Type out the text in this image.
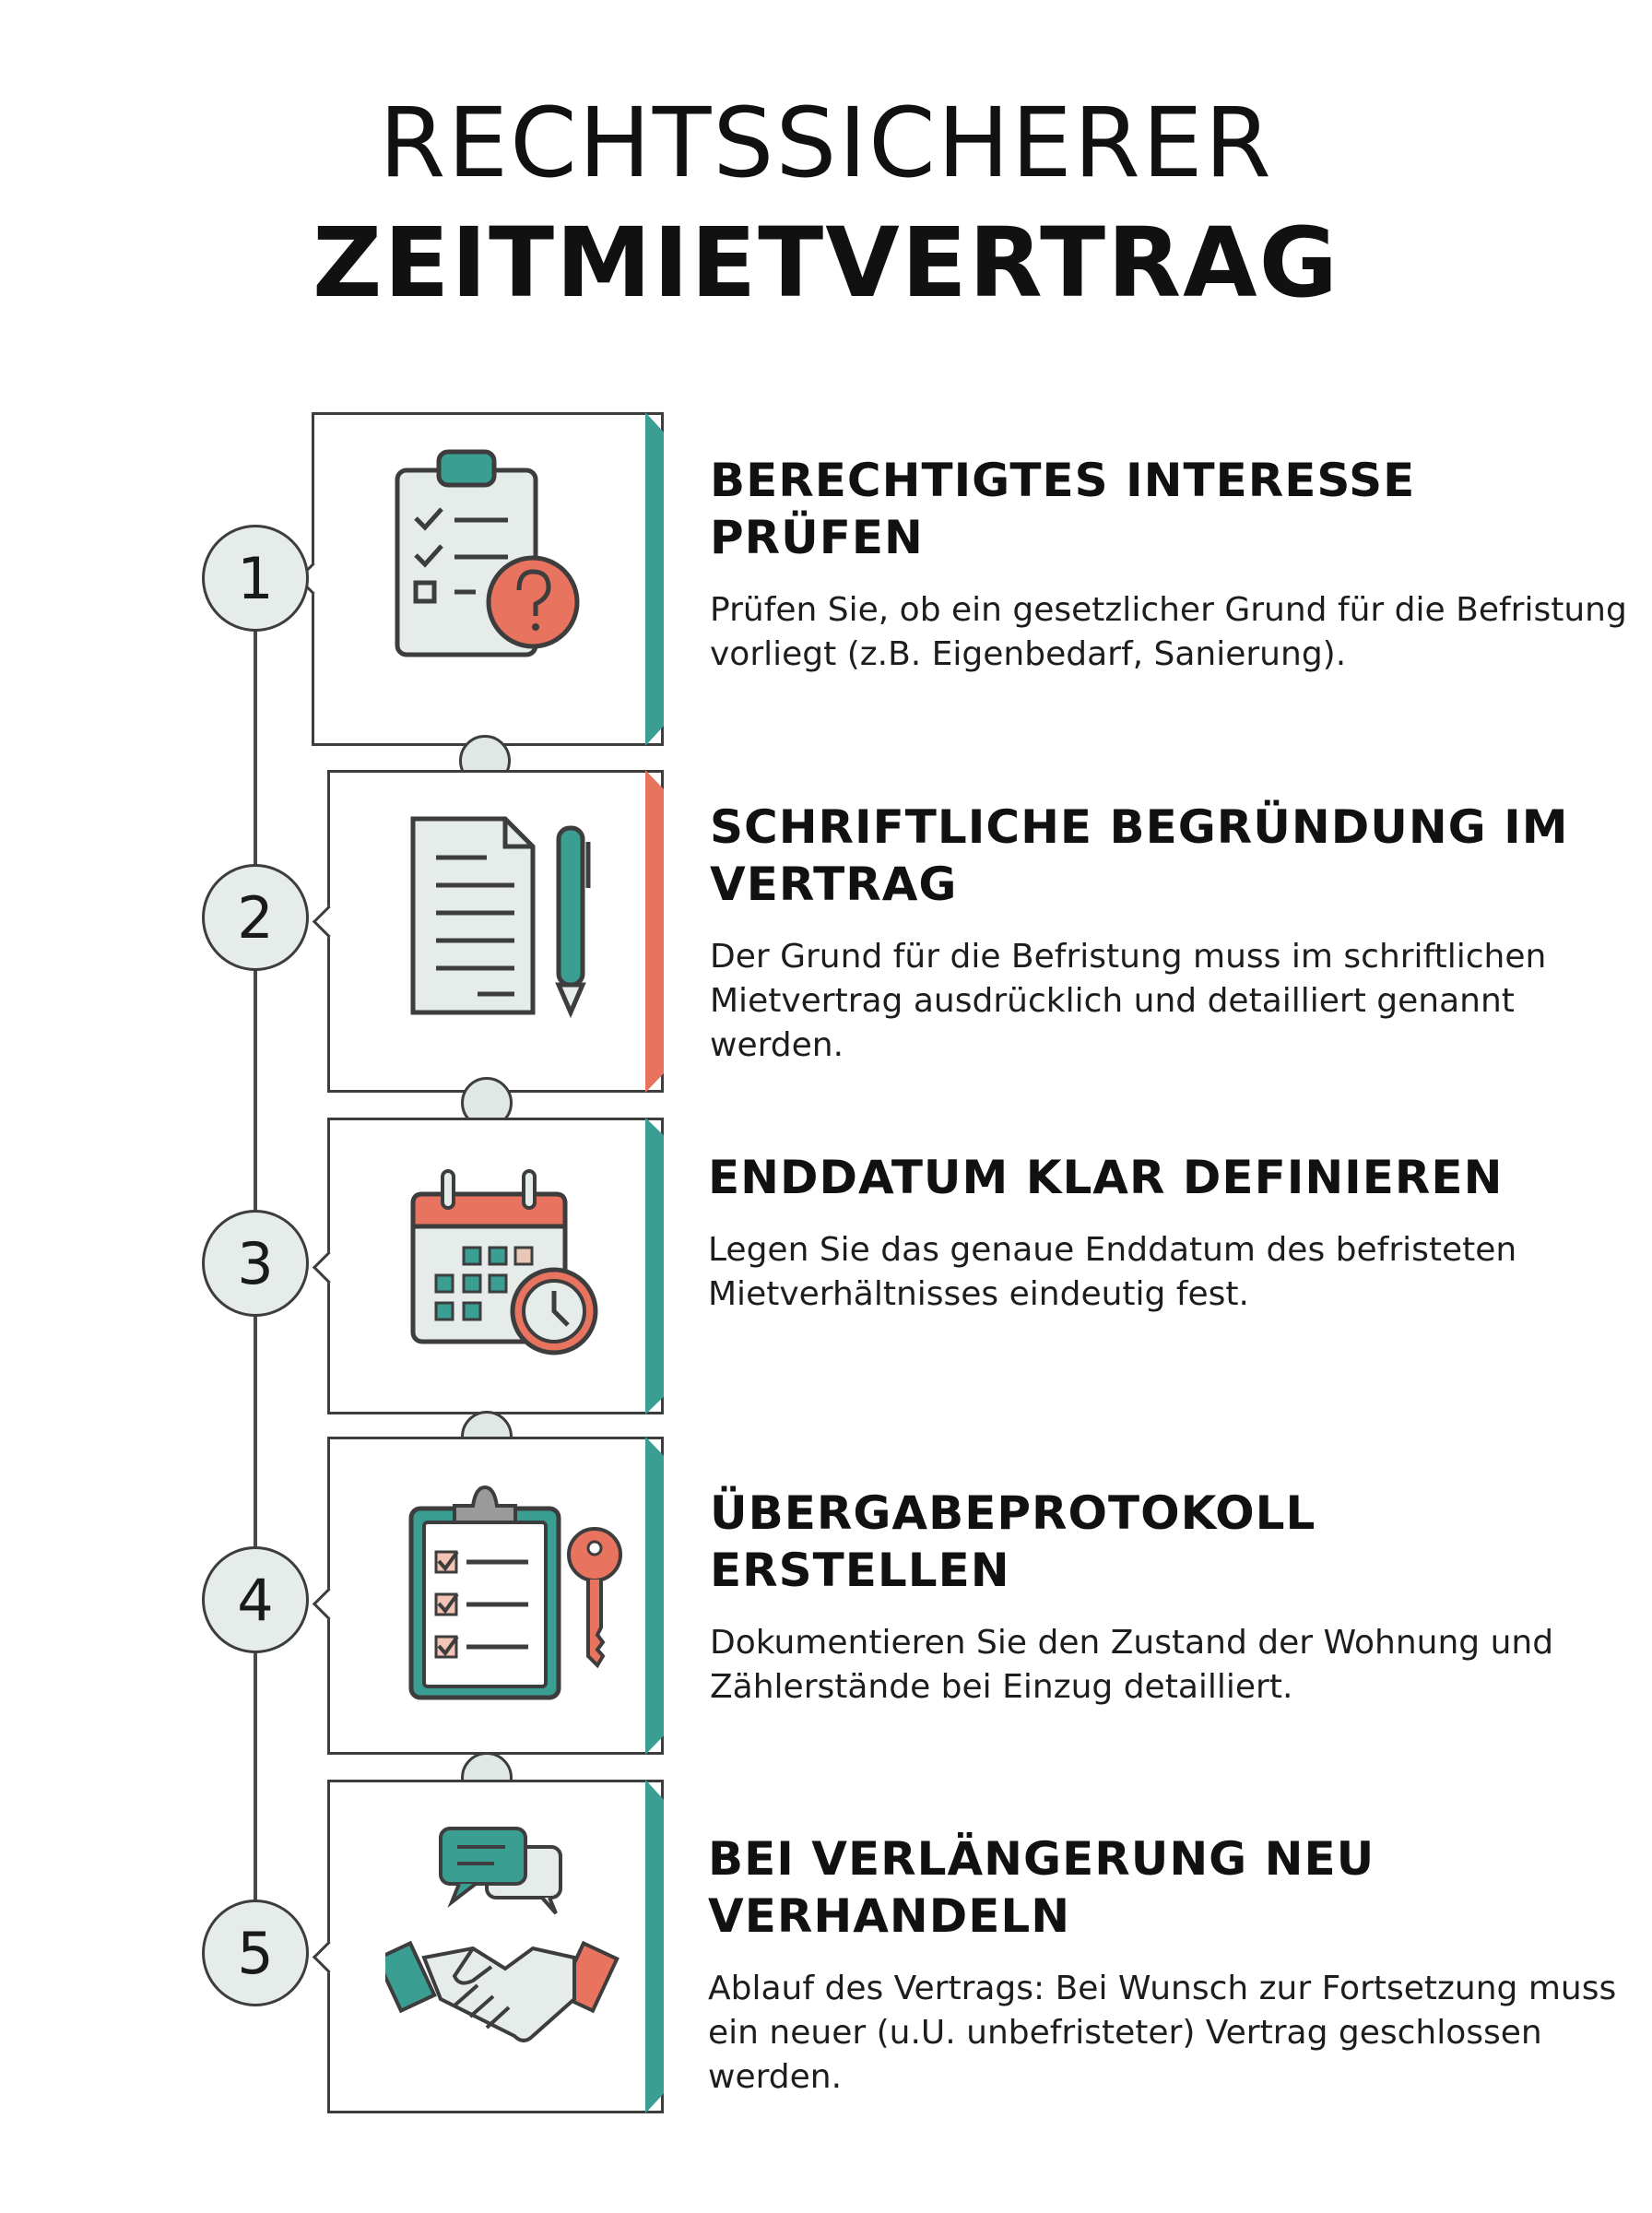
RECHTSSICHERER
ZEITMIETVERTRAG
1
BERECHTIGTES INTERESSE PRÜFEN
Prüfen Sie, ob ein gesetzlicher Grund für die Befristung vorliegt (z.B. Eigenbedarf, Sanierung).
2
SCHRIFTLICHE BEGRÜNDUNG IM VERTRAG
Der Grund für die Befristung muss im schriftlichen Mietvertrag ausdrücklich und detailliert genannt werden.
3
ENDDATUM KLAR DEFINIEREN
Legen Sie das genaue Enddatum des befristeten Mietverhältnisses eindeutig fest.
4
ÜBERGABEPROTOKOLL ERSTELLEN
Dokumentieren Sie den Zustand der Wohnung und Zählerstände bei Einzug detailliert.
5
BEI VERLÄNGERUNG NEU VERHANDELN
Ablauf des Vertrags: Bei Wunsch zur Fortsetzung muss ein neuer (u.U. unbefristeter) Vertrag geschlossen werden.
